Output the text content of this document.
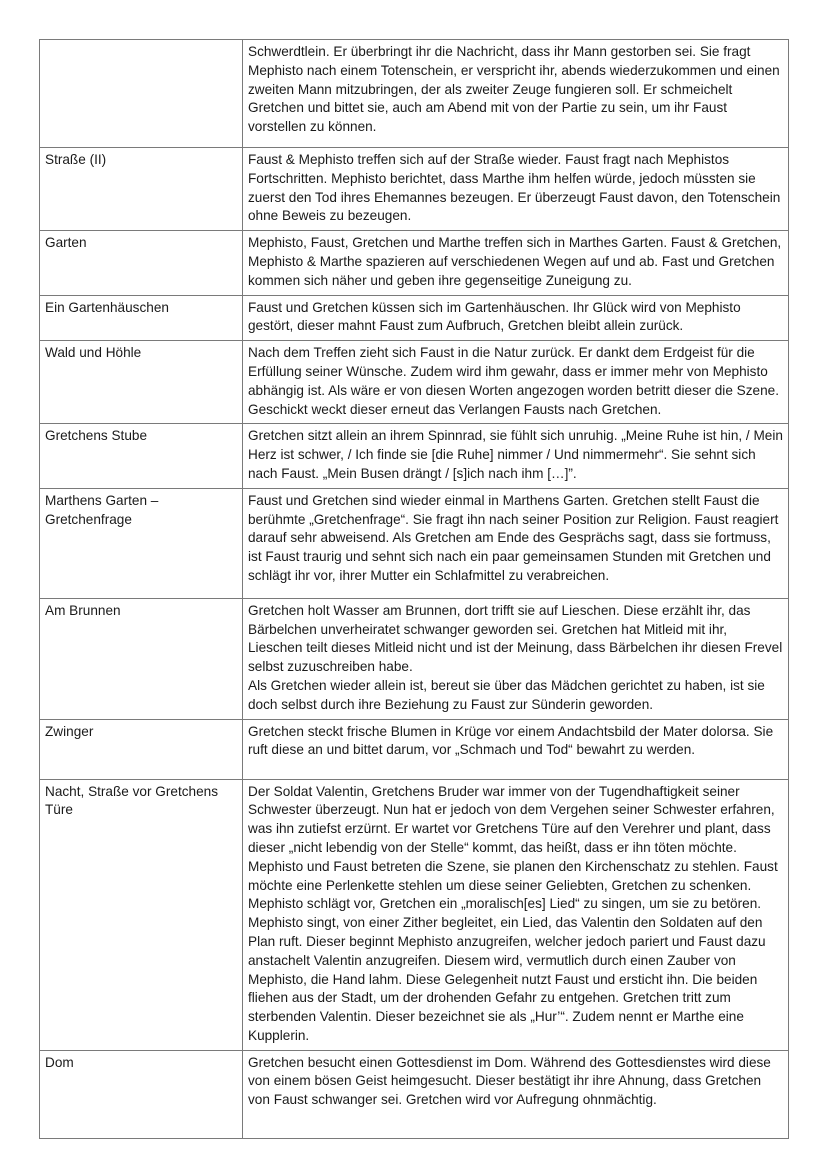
	Schwerdtlein. Er überbringt ihr die Nachricht, dass ihr Mann gestorben sei. Sie fragt Mephisto nach einem Totenschein, er verspricht ihr, abends wiederzukommen und einen zweiten Mann mitzubringen, der als zweiter Zeuge fungieren soll. Er schmeichelt Gretchen und bittet sie, auch am Abend mit von der Partie zu sein, um ihr Faust vorstellen zu können.

Straße (II)	Faust & Mephisto treffen sich auf der Straße wieder. Faust fragt nach Mephistos Fortschritten. Mephisto berichtet, dass Marthe ihm helfen würde, jedoch müssten sie zuerst den Tod ihres Ehemannes bezeugen. Er überzeugt Faust davon, den Totenschein ohne Beweis zu bezeugen.

Garten	Mephisto, Faust, Gretchen und Marthe treffen sich in Marthes Garten. Faust & Gretchen, Mephisto & Marthe spazieren auf verschiedenen Wegen auf und ab. Fast und Gretchen kommen sich näher und geben ihre gegenseitige Zuneigung zu.

Ein Gartenhäuschen	Faust und Gretchen küssen sich im Gartenhäuschen. Ihr Glück wird von Mephisto gestört, dieser mahnt Faust zum Aufbruch, Gretchen bleibt allein zurück.

Wald und Höhle	Nach dem Treffen zieht sich Faust in die Natur zurück. Er dankt dem Erdgeist für die Erfüllung seiner Wünsche. Zudem wird ihm gewahr, dass er immer mehr von Mephisto abhängig ist. Als wäre er von diesen Worten angezogen worden betritt dieser die Szene. Geschickt weckt dieser erneut das Verlangen Fausts nach Gretchen.

Gretchens Stube	Gretchen sitzt allein an ihrem Spinnrad, sie fühlt sich unruhig. „Meine Ruhe ist hin, / Mein Herz ist schwer, / Ich finde sie [die Ruhe] nimmer / Und nimmermehr“. Sie sehnt sich nach Faust. „Mein Busen drängt / [s]ich nach ihm […]”.

Marthens Garten – Gretchenfrage	Faust und Gretchen sind wieder einmal in Marthens Garten. Gretchen stellt Faust die berühmte „Gretchenfrage“. Sie fragt ihn nach seiner Position zur Religion. Faust reagiert darauf sehr abweisend. Als Gretchen am Ende des Gesprächs sagt, dass sie fortmuss, ist Faust traurig und sehnt sich nach ein paar gemeinsamen Stunden mit Gretchen und schlägt ihr vor, ihrer Mutter ein Schlafmittel zu verabreichen.

Am Brunnen	Gretchen holt Wasser am Brunnen, dort trifft sie auf Lieschen. Diese erzählt ihr, das Bärbelchen unverheiratet schwanger geworden sei. Gretchen hat Mitleid mit ihr, Lieschen teilt dieses Mitleid nicht und ist der Meinung, dass Bärbelchen ihr diesen Frevel selbst zuzuschreiben habe.
Als Gretchen wieder allein ist, bereut sie über das Mädchen gerichtet zu haben, ist sie doch selbst durch ihre Beziehung zu Faust zur Sünderin geworden.

Zwinger	Gretchen steckt frische Blumen in Krüge vor einem Andachtsbild der Mater dolorsa. Sie ruft diese an und bittet darum, vor „Schmach und Tod“ bewahrt zu werden.

Nacht, Straße vor Gretchens Türe	Der Soldat Valentin, Gretchens Bruder war immer von der Tugendhaftigkeit seiner Schwester überzeugt. Nun hat er jedoch von dem Vergehen seiner Schwester erfahren, was ihn zutiefst erzürnt. Er wartet vor Gretchens Türe auf den Verehrer und plant, dass dieser „nicht lebendig von der Stelle“ kommt, das heißt, dass er ihn töten möchte. Mephisto und Faust betreten die Szene, sie planen den Kirchenschatz zu stehlen. Faust möchte eine Perlenkette stehlen um diese seiner Geliebten, Gretchen zu schenken. Mephisto schlägt vor, Gretchen ein „moralisch[es] Lied“ zu singen, um sie zu betören. Mephisto singt, von einer Zither begleitet, ein Lied, das Valentin den Soldaten auf den Plan ruft. Dieser beginnt Mephisto anzugreifen, welcher jedoch pariert und Faust dazu anstachelt Valentin anzugreifen. Diesem wird, vermutlich durch einen Zauber von Mephisto, die Hand lahm. Diese Gelegenheit nutzt Faust und ersticht ihn. Die beiden fliehen aus der Stadt, um der drohenden Gefahr zu entgehen. Gretchen tritt zum sterbenden Valentin. Dieser bezeichnet sie als „Hur’“. Zudem nennt er Marthe eine Kupplerin.

Dom	Gretchen besucht einen Gottesdienst im Dom. Während des Gottesdienstes wird diese von einem bösen Geist heimgesucht. Dieser bestätigt ihr ihre Ahnung, dass Gretchen von Faust schwanger sei. Gretchen wird vor Aufregung ohnmächtig.
